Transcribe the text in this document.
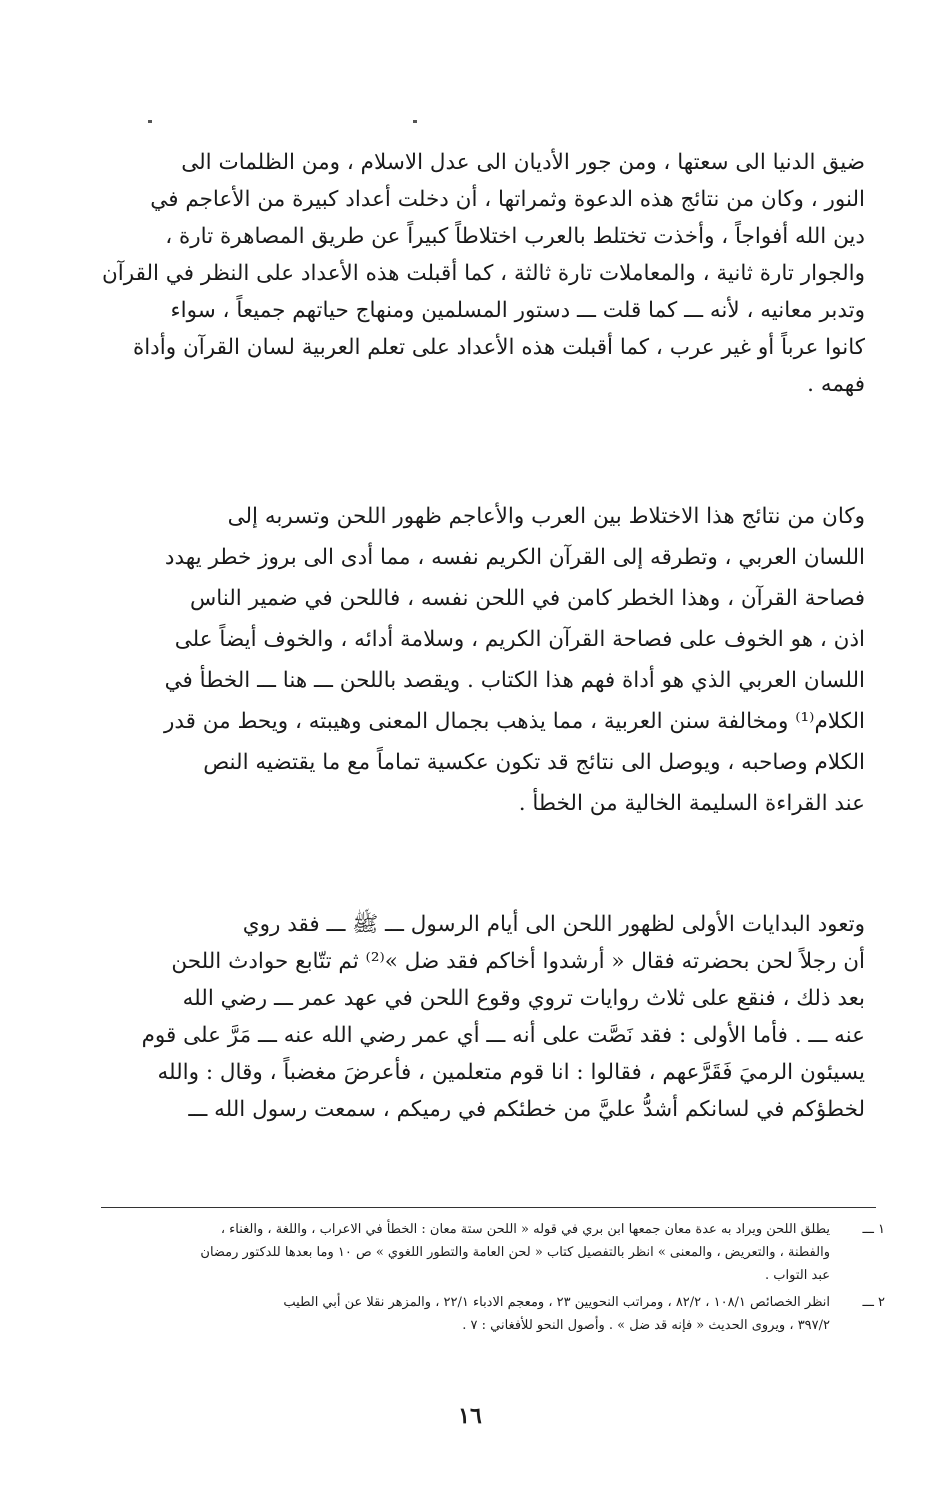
ضيق الدنيا الى سعتها ، ومن جور الأديان الى عدل الاسلام ، ومن الظلمات الى
النور ، وكان من نتائج هذه الدعوة وثمراتها ، أن دخلت أعداد كبيرة من الأعاجم في
دين الله أفواجاً ، وأخذت تختلط بالعرب اختلاطاً كبيراً عن طريق المصاهرة تارة ،
والجوار تارة ثانية ، والمعاملات تارة ثالثة ، كما أقبلت هذه الأعداد على النظر في القرآن
وتدبر معانيه ، لأنه ـــ كما قلت ـــ دستور المسلمين ومنهاج حياتهم جميعاً ، سواء
كانوا عرباً أو غير عرب ، كما أقبلت هذه الأعداد على تعلم العربية لسان القرآن وأداة
فهمه .
وكان من نتائج هذا الاختلاط بين العرب والأعاجم ظهور اللحن وتسربه إلى
اللسان العربي ، وتطرقه إلى القرآن الكريم نفسه ، مما أدى الى بروز خطر يهدد
فصاحة القرآن ، وهذا الخطر كامن في اللحن نفسه ، فاللحن في ضمير الناس
اذن ، هو الخوف على فصاحة القرآن الكريم ، وسلامة أدائه ، والخوف أيضاً على
اللسان العربي الذي هو أداة فهم هذا الكتاب . ويقصد باللحن ـــ هنا ـــ الخطأ في
الكلام⁽¹⁾ ومخالفة سنن العربية ، مما يذهب بجمال المعنى وهيبته ، ويحط من قدر
الكلام وصاحبه ، ويوصل الى نتائج قد تكون عكسية تماماً مع ما يقتضيه النص
عند القراءة السليمة الخالية من الخطأ .
وتعود البدايات الأولى لظهور اللحن الى أيام الرسول ـــ ﷺ ـــ فقد روي
أن رجلاً لحن بحضرته فقال « أرشدوا أخاكم فقد ضل »⁽²⁾ ثم تتّابع حوادث اللحن
بعد ذلك ، فنقع على ثلاث روايات تروي وقوع اللحن في عهد عمر ـــ رضي الله
عنه ـــ . فأما الأولى : فقد نَصَّت على أنه ـــ أي عمر رضي الله عنه ـــ مَرَّ على قوم
يسيئون الرميَ فَقَرَّعهم ، فقالوا : انا قوم متعلمين ، فأعرضَ مغضباً ، وقال : والله
لخطؤكم في لسانكم أشدُّ عليَّ من خطئكم في رميكم ، سمعت رسول الله ـــ
١ ـــ
يطلق اللحن ويراد به عدة معان جمعها ابن بري في قوله « اللحن ستة معان : الخطأ في الاعراب ، واللغة ، والغناء ،
والفطنة ، والتعريض ، والمعنى » انظر بالتفصيل كتاب « لحن العامة والتطور اللغوي » ص ١٠ وما بعدها للدكتور رمضان
عبد التواب .
٢ ـــ
انظر الخصائص ١٠٨/١ ، ٨٢/٢ ، ومراتب النحويين ٢٣ ، ومعجم الادباء ٢٢/١ ، والمزهر نقلا عن أبي الطيب
٣٩٧/٢ ، ويروى الحديث « فإنه قد ضل » . وأصول النحو للأفغاني : ٧ .
١٦
